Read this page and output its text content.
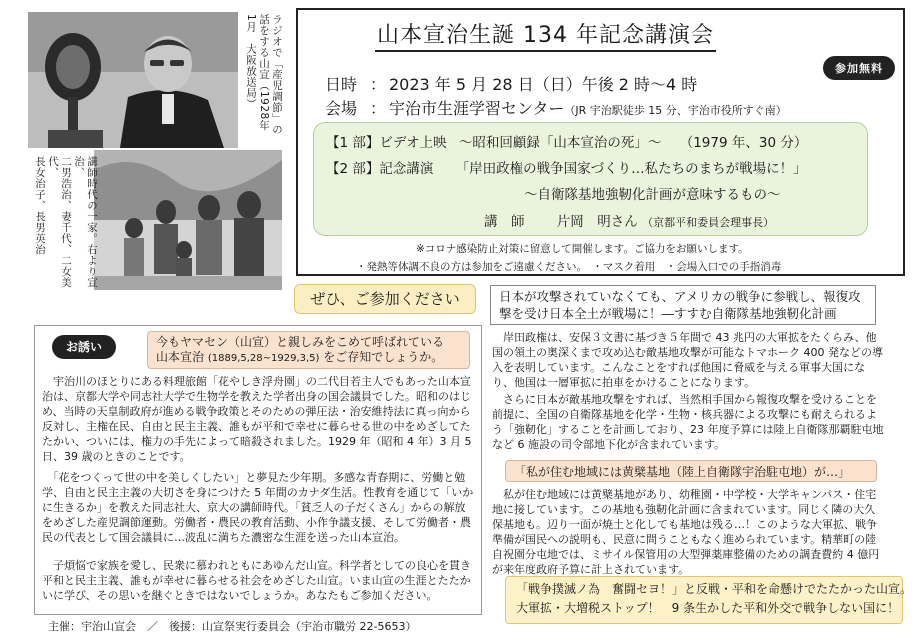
ラジオで「産児調節」の
話をする山宣（1928年
1月　大阪放送局）
講師時代の一家。右より宣治、
二男浩治、妻千代、二女美代、
長女治子、長男英治
山本宣治生誕 134 年記念講演会
参加無料
日時 ： 2023 年 5 月 28 日（日）午後 2 時～4 時
会場 ： 宇治市生涯学習センター（JR 宇治駅徒歩 15 分、宇治市役所すぐ南）
【1 部】ビデオ上映 ～昭和回顧録「山本宣治の死」～ （1979 年、30 分）
【2 部】記念講演 「岸田政権の戦争国家づくり…私たちのまちが戦場に！」
～自衛隊基地強靭化計画が意味するもの～
講　師 片岡　明さん （京都平和委員会理事長）
※コロナ感染防止対策に留意して開催します。ご協力をお願いします。
・発熱等体調不良の方は参加をご遠慮ください。　・マスク着用　・会場入口での手指消毒
ぜひ、ご参加ください
お誘い	今もヤマセン（山宣）と親しみをこめて呼ばれている
山本宣治 (1889,5,28~1929,3,5) をご存知でしょうか。
　宇治川のほとりにある料理旅館「花やしき浮舟園」の二代目若主人でもあった山本宣治は、京都大学や同志社大学で生物学を教えた学者出身の国会議員でした。昭和のはじめ、当時の天皇制政府が進める戦争政策とそのための弾圧法・治安維持法に真っ向から反対し、主権在民、自由と民主主義、誰もが平和で幸せに暮らせる世の中をめざしてたたかい、ついには、権力の手先によって暗殺されました。1929 年（昭和 4 年）3 月 5 日、39 歳のときのことです。
　「花をつくって世の中を美しくしたい」と夢見た少年期。多感な青春期に、労働と勉学、自由と民主主義の大切さを身につけた 5 年間のカナダ生活。性教育を通じて「いかに生きるか」を教えた同志社大、京大の講師時代。「貧乏人の子だくさん」からの解放をめざした産児調節運動。労働者・農民の教育活動、小作争議支援、そして労働者・農民の代表として国会議員に…波乱に満ちた濃密な生涯を送った山本宣治。
　子煩悩で家族を愛し、民衆に慕われともにあゆんだ山宣。科学者としての良心を貫き平和と民主主義、誰もが幸せに暮らせる社会をめざした山宣。いま山宣の生涯とたたかいに学び、その思いを継ぐときではないでしょうか。あなたもご参加ください。
主催：宇治山宣会　／　後援：山宣祭実行委員会（宇治市職労 22-5653）
日本が攻撃されていなくても、アメリカの戦争に参戦し、報復攻撃を受け日本全土が戦場に！―すすむ自衛隊基地強靭化計画
　岸田政権は、安保３文書に基づき５年間で 43 兆円の大軍拡をたくらみ、他国の領土の奥深くまで攻め込む敵基地攻撃が可能なトマホーク 400 発などの導入を表明しています。こんなことをすれば他国に脅威を与える軍事大国になり、他国は一層軍拡に拍車をかけることになります。
　さらに日本が敵基地攻撃をすれば、当然相手国から報復攻撃を受けることを前提に、全国の自衛隊基地を化学・生物・核兵器による攻撃にも耐えられるよう「強靭化」することを計画しており、23 年度予算には陸上自衛隊那覇駐屯地など 6 施設の司令部地下化が含まれています。
「私が住む地域には黄檗基地（陸上自衛隊宇治駐屯地）が…」
　私が住む地域には黄檗基地があり、幼稚園・中学校・大学キャンパス・住宅地に接しています。この基地も強靭化計画に含まれています。同じく隣の大久保基地も。辺り一面が焼土と化しても基地は残る…！このような大軍拡、戦争準備が国民への説明も、民意に問うこともなく進められています。精華町の陸自祝園分屯地では、ミサイル保管用の大型弾薬庫整備のための調査費約 4 億円が来年度政府予算に計上されています。
「戦争撲滅ノ為　奮闘セヨ！」と反戦・平和を命懸けでたたかった山宣。
大軍拡・大増税ストップ！　9 条生かした平和外交で戦争しない国に！
